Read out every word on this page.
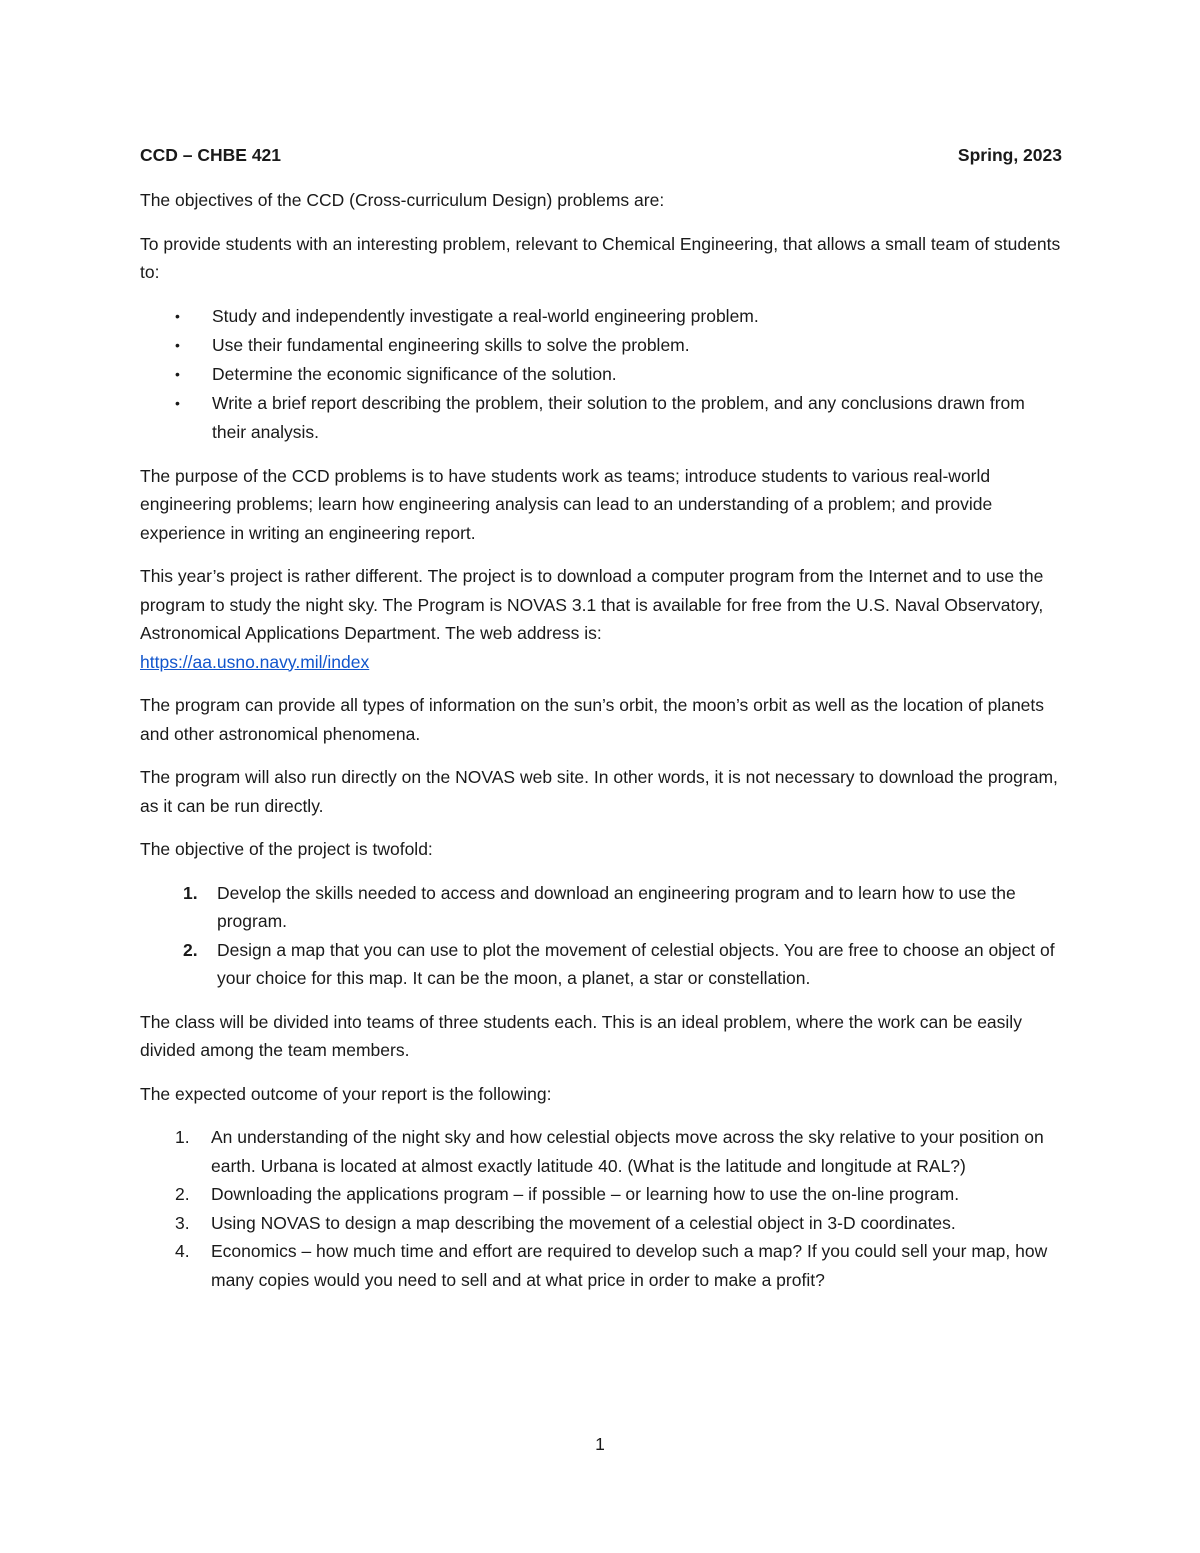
CCD – CHBE 421	Spring, 2023

The objectives of the CCD (Cross-curriculum Design) problems are:

To provide students with an interesting problem, relevant to Chemical Engineering, that allows a small team of students to:

• Study and independently investigate a real-world engineering problem.
• Use their fundamental engineering skills to solve the problem.
• Determine the economic significance of the solution.
• Write a brief report describing the problem, their solution to the problem, and any conclusions drawn from their analysis.

The purpose of the CCD problems is to have students work as teams; introduce students to various real-world engineering problems; learn how engineering analysis can lead to an understanding of a problem; and provide experience in writing an engineering report.

This year’s project is rather different. The project is to download a computer program from the Internet and to use the program to study the night sky. The Program is NOVAS 3.1 that is available for free from the U.S. Naval Observatory, Astronomical Applications Department. The web address is:
https://aa.usno.navy.mil/index

The program can provide all types of information on the sun’s orbit, the moon’s orbit as well as the location of planets and other astronomical phenomena.

The program will also run directly on the NOVAS web site. In other words, it is not necessary to download the program, as it can be run directly.

The objective of the project is twofold:

1. Develop the skills needed to access and download an engineering program and to learn how to use the program.
2. Design a map that you can use to plot the movement of celestial objects. You are free to choose an object of your choice for this map. It can be the moon, a planet, a star or constellation.

The class will be divided into teams of three students each. This is an ideal problem, where the work can be easily divided among the team members.

The expected outcome of your report is the following:

1. An understanding of the night sky and how celestial objects move across the sky relative to your position on earth. Urbana is located at almost exactly latitude 40. (What is the latitude and longitude at RAL?)
2. Downloading the applications program – if possible – or learning how to use the on-line program.
3. Using NOVAS to design a map describing the movement of a celestial object in 3-D coordinates.
4. Economics – how much time and effort are required to develop such a map? If you could sell your map, how many copies would you need to sell and at what price in order to make a profit?
1
